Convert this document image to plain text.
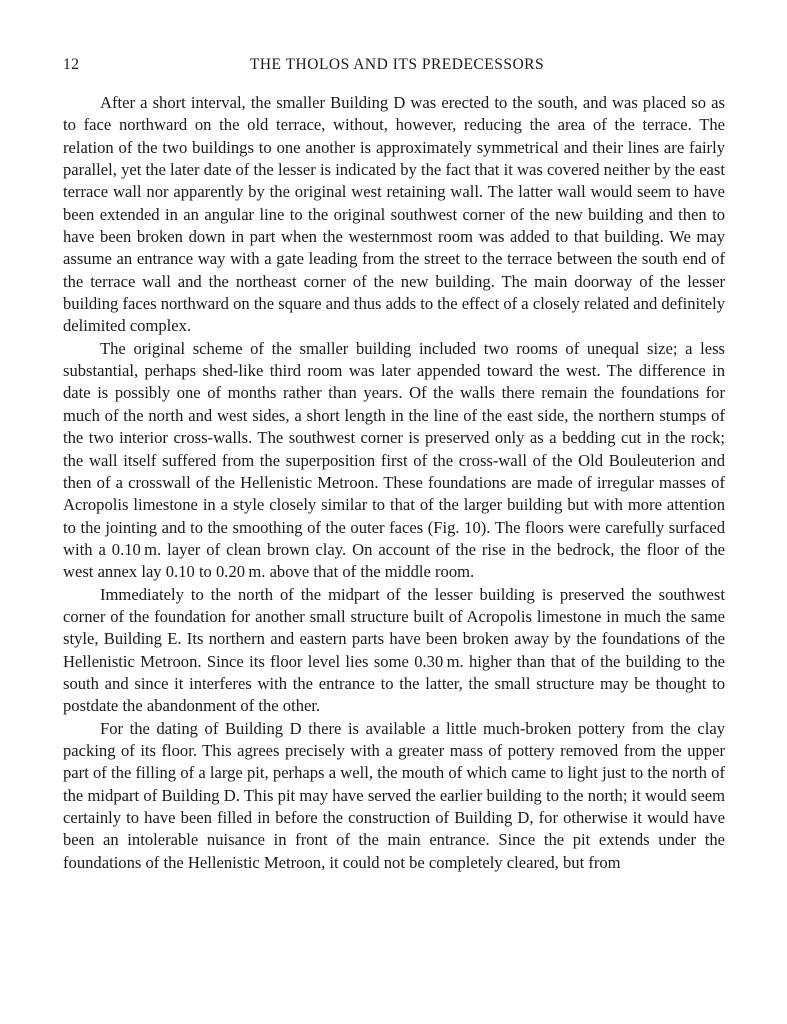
12	THE THOLOS AND ITS PREDECESSORS

After a short interval, the smaller Building D was erected to the south, and was placed so as to face northward on the old terrace, without, however, reducing the area of the terrace. The relation of the two buildings to one another is approximately symmetrical and their lines are fairly parallel, yet the later date of the lesser is indicated by the fact that it was covered neither by the east terrace wall nor apparently by the original west retaining wall. The latter wall would seem to have been extended in an angular line to the original southwest corner of the new building and then to have been broken down in part when the westernmost room was added to that building. We may assume an entrance way with a gate leading from the street to the terrace between the south end of the terrace wall and the northeast corner of the new building. The main doorway of the lesser building faces northward on the square and thus adds to the effect of a closely related and definitely delimited complex.

The original scheme of the smaller building included two rooms of unequal size; a less substantial, perhaps shed-like third room was later appended toward the west. The difference in date is possibly one of months rather than years. Of the walls there remain the foundations for much of the north and west sides, a short length in the line of the east side, the northern stumps of the two interior cross-walls. The southwest corner is preserved only as a bedding cut in the rock; the wall itself suffered from the superposition first of the cross-wall of the Old Bouleuterion and then of a crosswall of the Hellenistic Metroon. These foundations are made of irregular masses of Acropolis limestone in a style closely similar to that of the larger building but with more attention to the jointing and to the smoothing of the outer faces (Fig. 10). The floors were carefully surfaced with a 0.10 m. layer of clean brown clay. On account of the rise in the bedrock, the floor of the west annex lay 0.10 to 0.20 m. above that of the middle room.

Immediately to the north of the midpart of the lesser building is preserved the southwest corner of the foundation for another small structure built of Acropolis limestone in much the same style, Building E. Its northern and eastern parts have been broken away by the foundations of the Hellenistic Metroon. Since its floor level lies some 0.30 m. higher than that of the building to the south and since it interferes with the entrance to the latter, the small structure may be thought to postdate the abandonment of the other.

For the dating of Building D there is available a little much-broken pottery from the clay packing of its floor. This agrees precisely with a greater mass of pottery removed from the upper part of the filling of a large pit, perhaps a well, the mouth of which came to light just to the north of the midpart of Building D. This pit may have served the earlier building to the north; it would seem certainly to have been filled in before the construction of Building D, for otherwise it would have been an intolerable nuisance in front of the main entrance. Since the pit extends under the foundations of the Hellenistic Metroon, it could not be completely cleared, but from
